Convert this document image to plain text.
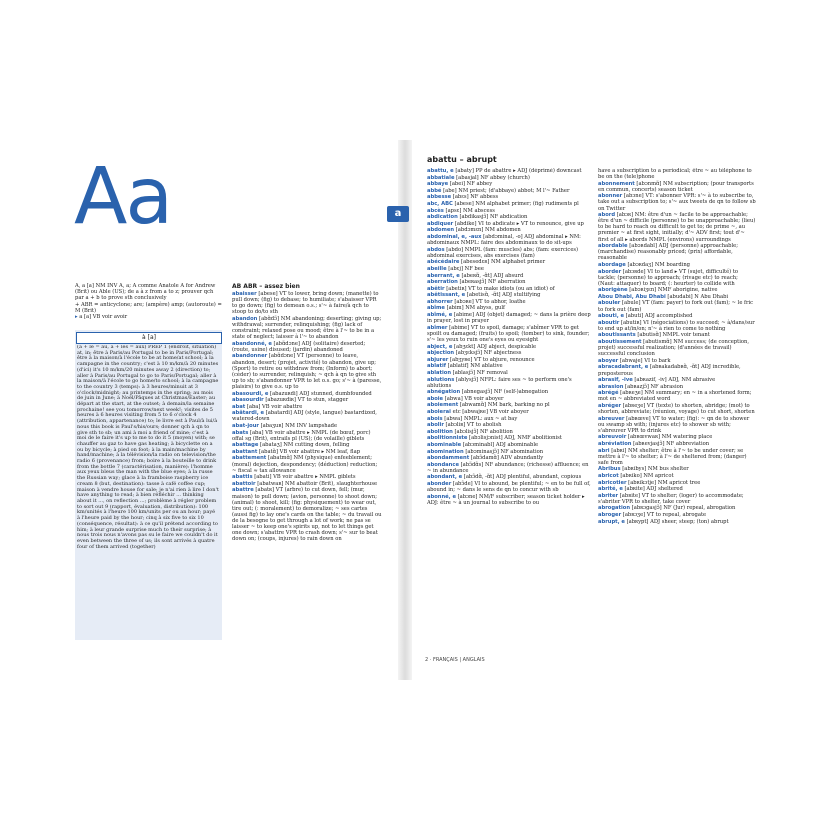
Aa	a
A, a [a] NM INV A, a; A comme Anatole A for Andrew (Brit) ou Able (US); de a à z from a to z; prouver qch par a + b to prove sth conclusively
+ ABR = anticyclone; are; (ampère) amp; (autoroute) = M (Brit)
▸ a [a] VB voir avoir
à [a]
(à + le = au, à + les = aux) PRÉP 1 (endroit, situation) at, in; être à Paris/au Portugal to be in Paris/Portugal; être à la maison/à l'école to be at home/at school; à la campagne in the country; c'est à 10 m/km/à 20 minutes (d'ici) it's 10 m/km/20 minutes away 2 (direction) to; aller à Paris/au Portugal to go to Paris/Portugal; aller à la maison/à l'école to go home/to school; à la campagne to the country 3 (temps): à 3 heures/minuit at 3 o'clock/midnight; au printemps in the spring; au mois de juin in June; à Noël/Pâques at Christmas/Easter; au départ at the start, at the outset; à demain/la semaine prochaine! see you tomorrow/next week!; visites de 5 heures à 6 heures visiting from 5 to 6 o'clock 4 (attribution, appartenance) to; le livre est à Paul/à lui/à nous this book is Paul's/his/ours; donner qch à qn to give sth to sb; un ami à moi a friend of mine; c'est à moi de le faire it's up to me to do it 5 (moyen) with; se chauffer au gaz to have gas heating; à bicyclette on a ou by bicycle; à pied on foot; à la main/machine by hand/machine; à la télévision/la radio on television/the radio 6 (provenance) from; boire à la bouteille to drink from the bottle 7 (caractérisation, manière): l'homme aux yeux bleus the man with the blue eyes; à la russe the Russian way; glace à la framboise raspberry ice cream 8 (but, destination): tasse à café coffee cup; maison à vendre house for sale; je n'ai rien à lire I don't have anything to read; à bien réfléchir ... thinking about it ..., on reflection ...; problème à régler problem to sort out 9 (rapport, évaluation, distribution): 100 km/unités à l'heure 100 km/units per ou an hour; payé à l'heure paid by the hour; cinq à six five to six 10 (conséquence, résultat): à ce qu'il prétend according to him; à leur grande surprise much to their surprise; à nous trois nous n'avons pas su le faire we couldn't do it even between the three of us; ils sont arrivés à quatre four of them arrived (together)
AB ABR – assez bien
abaisser [abese] VT to lower, bring down; (manette) to pull down; (fig) to debase; to humiliate; s'abaisser VPR to go down; (fig) to demean o.s.; s'~ à faire/à qch to stoop to do/to sth
abandon [abɑ̃dɔ̃] NM abandoning; deserting; giving up; withdrawal; surrender, relinquishing; (fig) lack of constraint; relaxed pose ou mood; être à l'~ to be in a state of neglect; laisser à l'~ to abandon
abandonné, e [abɑ̃dɔne] ADJ (solitaire) deserted; (route, usine) disused; (jardin) abandoned
abandonner [abɑ̃dɔne] VT (personne) to leave, abandon, desert; (projet, activité) to abandon, give up; (Sport) to retire ou withdraw from; (Inform) to abort; (céder) to surrender, relinquish; ~ qch à qn to give sth up to sb; s'abandonner VPR to let o.s. go; s'~ à (paresse, plaisirs) to give o.s. up to
abasourdi, e [abazuʀdi] ADJ stunned, dumbfounded
abasourdir [abazuʀdiʀ] VT to stun, stagger
abat [aba] VB voir abattre
abâtardi, e [abatardi] ADJ (style, langue) bastardized, watered-down
abat-jour [abaʒuʀ] NM INV lampshade
abats [aba] VB voir abattre ▸ NMPL (de bœuf, porc) offal sg (Brit), entrails pl (US); (de volaille) giblets
abattage [abataʒ] NM cutting down, felling
abattant [abatɑ̃] VB voir abattre ▸ NM leaf, flap
abattement [abatmɑ̃] NM (physique) enfeeblement; (moral) dejection, despondency; (déduction) reduction; ~ fiscal ≈ tax allowance
abattis [abati] VB voir abattre ▸ NMPL giblets
abattoir [abatwaʀ] NM abattoir (Brit), slaughterhouse
abattre [abatʀ] VT (arbre) to cut down, fell; (mur, maison) to pull down; (avion, personne) to shoot down; (animal) to shoot, kill; (fig: physiquement) to wear out, tire out; (: moralement) to demoralize; ~ ses cartes (aussi fig) to lay one's cards on the table; ~ du travail ou de la besogne to get through a lot of work; ne pas se laisser ~ to keep one's spirits up, not to let things get one down; s'abattre VPR to crash down; s'~ sur to beat down on; (coups, injures) to rain down on
abattu – abrupt
abattu, e [abaty] PP de abattre ▸ ADJ (déprimé) downcast
abbatiale [abasjal] NF abbey (church)
abbaye [abei] NF abbey
abbé [abe] NM priest; (d'abbaye) abbot; M l'~ Father
abbesse [abɛs] NF abbess
abc, ABC [abese] NM alphabet primer; (fig) rudiments pl
abcès [apsɛ] NM abscess
abdication [abdikasjɔ̃] NF abdication
abdiquer [abdike] VI to abdicate ▸ VT to renounce, give up
abdomen [abdɔmɛn] NM abdomen
abdominal, e, -aux [abdɔminal, -o] ADJ abdominal ▸ NM: abdominaux NMPL: faire des abdominaux to do sit-ups
abdos [abdo] NMPL (fam: muscles) abs; (fam: exercices) abdominal exercises, abs exercises (fam)
abécédaire [abesedɛʀ] NM alphabet primer
abeille [abɛj] NF bee
aberrant, e [abeʀɑ̃, -ɑ̃t] ADJ absurd
aberration [abeʀasjɔ̃] NF aberration
abêtir [abetiʀ] VT to make idiots (ou an idiot) of
abêtissant, e [abetisɑ̃, -ɑ̃t] ADJ stultifying
abhorrer [abɔʀe] VT to abhor, loathe
abîme [abim] NM abyss, gulf
abîmé, e [abime] ADJ (objet) damaged; ~ dans la prière deep in prayer, lost in prayer
abîmer [abime] VT to spoil, damage; s'abîmer VPR to get spoilt ou damaged; (fruits) to spoil; (tomber) to sink, founder; s'~ les yeux to ruin one's eyes ou eyesight
abject, e [abʒɛkt] ADJ abject, despicable
abjection [abʒɛksjɔ̃] NF abjectness
abjurer [abʒyʀe] VT to abjure, renounce
ablatif [ablatif] NM ablative
ablation [ablasjɔ̃] NF removal
ablutions [ablysjɔ̃] NFPL: faire ses ~ to perform one's ablutions
abnégation [abnegasjɔ̃] NF (self-)abnegation
aboie [abwa] VB voir aboyer
aboiement [abwamɑ̃] NM bark, barking no pl
aboierai etc [abwajʀe] VB voir aboyer
abois [abwa] NMPL: aux ~ at bay
abolir [abɔliʀ] VT to abolish
abolition [abɔlisjɔ̃] NF abolition
abolitionniste [abɔlisjɔnist] ADJ, NMF abolitionist
abominable [abɔminabl] ADJ abominable
abomination [abɔminasjɔ̃] NF abomination
abondamment [abɔ̃damɑ̃] ADV abundantly
abondance [abɔ̃dɑ̃s] NF abundance; (richesse) affluence; en ~ in abundance
abondant, e [abɔ̃dɑ̃, -ɑ̃t] ADJ plentiful, abundant, copious
abonder [abɔ̃de] VI to abound, be plentiful; ~ en to be full of, abound in; ~ dans le sens de qn to concur with sb
abonné, e [abɔne] NM/F subscriber; season ticket holder ▸ ADJ: être ~ à un journal to subscribe to ou
have a subscription to a periodical; être ~ au téléphone to be on the (tele)phone
abonnement [abɔnmɑ̃] NM subscription; (pour transports en commun, concerts) season ticket
abonner [abɔne] VT: s'abonner VPR: s'~ à to subscribe to, take out a subscription to; s'~ aux tweets de qn to follow sb on Twitter
abord [abɔʀ] NM: être d'un ~ facile to be approachable; être d'un ~ difficile (personne) to be unapproachable; (lieu) to be hard to reach ou difficult to get to; de prime ~, au premier ~ at first sight, initially; d'~ ADV first; tout d'~ first of all ▸ abords NMPL (environs) surroundings
abordable [abɔʀdabl] ADJ (personne) approachable; (marchandise) reasonably priced; (prix) affordable, reasonable
abordage [abɔʀdaʒ] NM boarding
aborder [abɔʀde] VI to land ▸ VT (sujet, difficulté) to tackle; (personne) to approach; (rivage etc) to reach; (Naut: attaquer) to board; (: heurter) to collide with
aborigène [abɔʀiʒɛn] NMF aborigine, native
Abou Dhabi, Abu Dhabi [abudabi] N Abu Dhabi
abouler [abule] VT (fam: payer) to fork out (fam); ~ le fric to fork out (fam)
abouti, e [abuti] ADJ accomplished
aboutir [abutiʀ] VI (négociations) to succeed; ~ à/dans/sur to end up at/in/on; n'~ à rien to come to nothing
aboutissants [abutisɑ̃] NMPL voir tenant
aboutissement [abutismɑ̃] NM success; (de conception, projet) successful realization; (d'années de travail) successful conclusion
aboyer [abwaje] VI to bark
abracadabrant, e [abʀakadabʀɑ̃, -ɑ̃t] ADJ incredible, preposterous
abrasif, -ive [abʀazif, -iv] ADJ, NM abrasive
abrasion [abʀazjɔ̃] NF abrasion
abrégé [abʀeʒe] NM summary; en ~ in a shortened form; mot en ~ abbreviated word
abréger [abʀeʒe] VT (texte) to shorten, abridge; (mot) to shorten, abbreviate; (réunion, voyage) to cut short, shorten
abreuver [abʀœve] VT to water; (fig): ~ qn de to shower ou swamp sb with; (injures etc) to shower sb with; s'abreuver VPR to drink
abreuvoir [abʀœvwaʀ] NM watering place
abréviation [abʀevjasjɔ̃] NF abbreviation
abri [abʀi] NM shelter; être à l'~ to be under cover; se mettre à l'~ to shelter; à l'~ de sheltered from; (danger) safe from
Abribus [abʀibys] NM bus shelter
abricot [abʀiko] NM apricot
abricotier [abʀikɔtje] NM apricot tree
abrité, e [abʀite] ADJ sheltered
abriter [abʀite] VT to shelter; (loger) to accommodate; s'abriter VPR to shelter, take cover
abrogation [abʀɔgasjɔ̃] NF (Jur) repeal, abrogation
abroger [abʀɔʒe] VT to repeal, abrogate
abrupt, e [abʀypt] ADJ sheer, steep; (ton) abrupt
2 · FRANÇAIS | ANGLAIS
